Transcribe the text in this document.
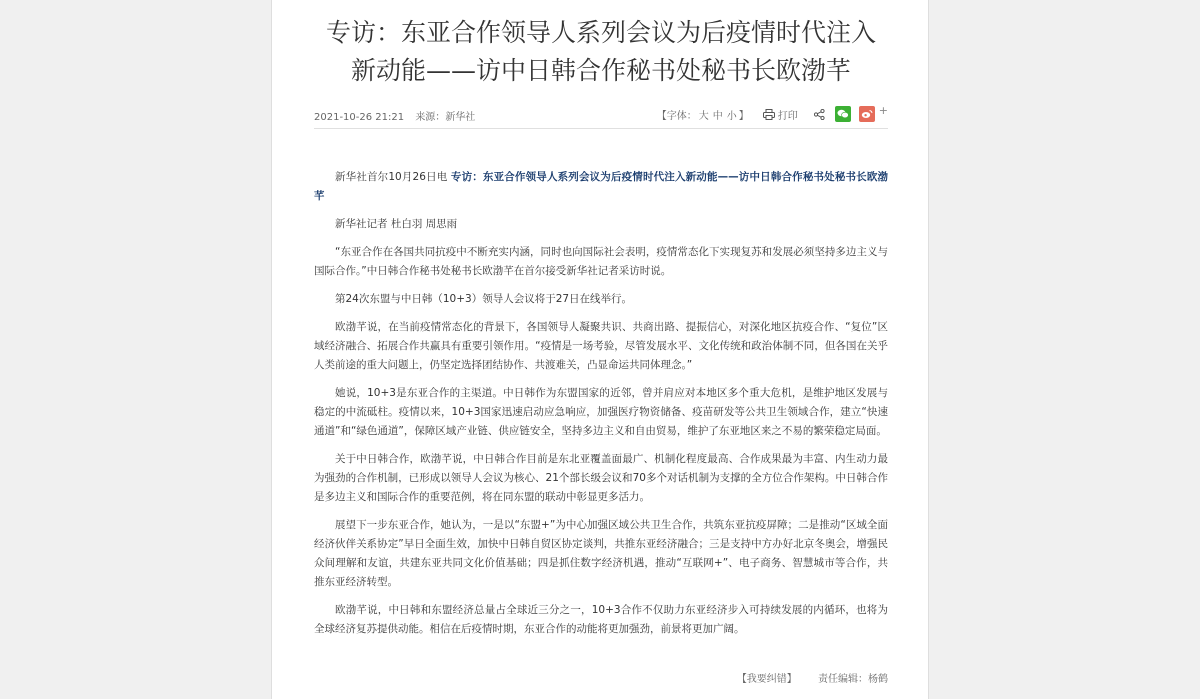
专访：东亚合作领导人系列会议为后疫情时代注入新动能——访中日韩合作秘书处秘书长欧渤芊
2021-10-26 21:21 来源：新华社	【字体： 大 中 小 】	打印	+

新华社首尔10月26日电 专访：东亚合作领导人系列会议为后疫情时代注入新动能——访中日韩合作秘书处秘书长欧渤芊

新华社记者 杜白羽 周思雨

“东亚合作在各国共同抗疫中不断充实内涵，同时也向国际社会表明，疫情常态化下实现复苏和发展必须坚持多边主义与国际合作。”中日韩合作秘书处秘书长欧渤芊在首尔接受新华社记者采访时说。

第24次东盟与中日韩（10+3）领导人会议将于27日在线举行。

欧渤芊说，在当前疫情常态化的背景下，各国领导人凝聚共识、共商出路、提振信心，对深化地区抗疫合作、“复位”区域经济融合、拓展合作共赢具有重要引领作用。“疫情是一场考验，尽管发展水平、文化传统和政治体制不同，但各国在关乎人类前途的重大问题上，仍坚定选择团结协作、共渡难关，凸显命运共同体理念。”

她说，10+3是东亚合作的主渠道。中日韩作为东盟国家的近邻，曾并肩应对本地区多个重大危机，是维护地区发展与稳定的中流砥柱。疫情以来，10+3国家迅速启动应急响应，加强医疗物资储备、疫苗研发等公共卫生领域合作，建立“快速通道”和“绿色通道”，保障区域产业链、供应链安全，坚持多边主义和自由贸易，维护了东亚地区来之不易的繁荣稳定局面。

关于中日韩合作，欧渤芊说，中日韩合作目前是东北亚覆盖面最广、机制化程度最高、合作成果最为丰富、内生动力最为强劲的合作机制，已形成以领导人会议为核心、21个部长级会议和70多个对话机制为支撑的全方位合作架构。中日韩合作是多边主义和国际合作的重要范例，将在同东盟的联动中彰显更多活力。

展望下一步东亚合作，她认为，一是以“东盟+”为中心加强区域公共卫生合作，共筑东亚抗疫屏障；二是推动“区域全面经济伙伴关系协定”早日全面生效，加快中日韩自贸区协定谈判，共推东亚经济融合；三是支持中方办好北京冬奥会，增强民众间理解和友谊，共建东亚共同文化价值基础；四是抓住数字经济机遇，推动“互联网+”、电子商务、智慧城市等合作，共推东亚经济转型。

欧渤芊说，中日韩和东盟经济总量占全球近三分之一，10+3合作不仅助力东亚经济步入可持续发展的内循环，也将为全球经济复苏提供动能。相信在后疫情时期，东亚合作的动能将更加强劲，前景将更加广阔。

【我要纠错】 责任编辑：杨鹤
